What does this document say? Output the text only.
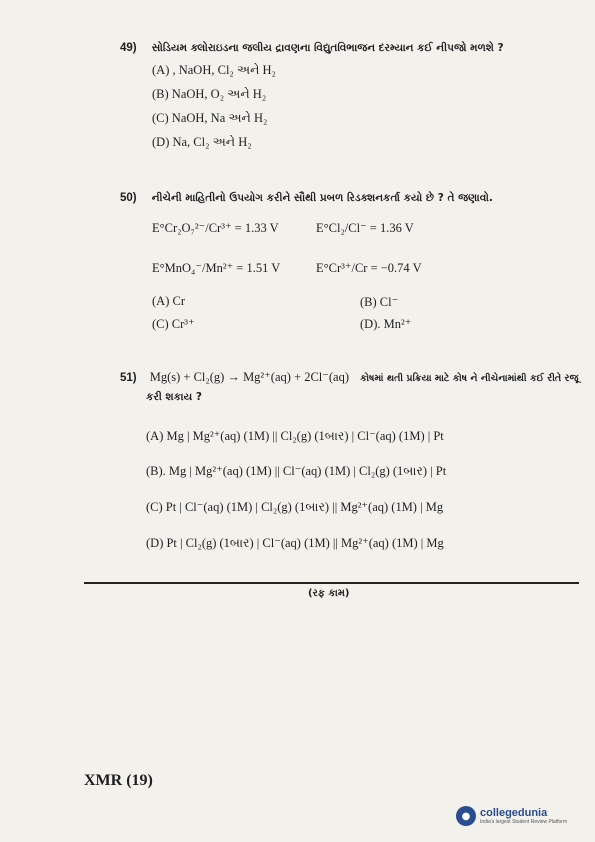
49) સોડિયમ ક્લોરાઇડના જલીય દ્રાવણના વિદ્યુતવિભાજન દરમ્યાન કઈ નીપજો મળશે ?
(A) , NaOH, Cl₂ અને H₂
(B) NaOH, O₂ અને H₂
(C) NaOH, Na અને H₂
(D) Na, Cl₂ અને H₂
50) નીચેની માહિતીનો ઉપયોગ કરીને સૌથી પ્રબળ રિડક્શનકર્તા કયો છે ? તે જણાવો.
E°Cr₂O₇²⁻/Cr³⁺ = 1.33 V	E°Cl₂/Cl⁻ = 1.36 V
E°MnO₄⁻/Mn²⁺ = 1.51 V	E°Cr³⁺/Cr = −0.74 V
(A) Cr	(B) Cl⁻
(C) Cr³⁺	(D). Mn²⁺
51) Mg(s) + Cl₂(g) → Mg²⁺(aq) + 2Cl⁻(aq) કોષમાં થતી પ્રક્રિયા માટે કોષ ને નીચેનામાંથી કઈ રીતે રજૂ
કરી શકાય ?
(A) Mg | Mg²⁺(aq) (1M) || Cl₂(g) (1બાર) | Cl⁻(aq) (1M) | Pt
(B). Mg | Mg²⁺(aq) (1M) || Cl⁻(aq) (1M) | Cl₂(g) (1બાર) | Pt
(C) Pt | Cl⁻(aq) (1M) | Cl₂(g) (1બાર) || Mg²⁺(aq) (1M) | Mg
(D) Pt | Cl₂(g) (1બાર) | Cl⁻(aq) (1M) || Mg²⁺(aq) (1M) | Mg
(રફ કામ)
XMR (19)
● collegedunia
India's largest Student Review Platform
